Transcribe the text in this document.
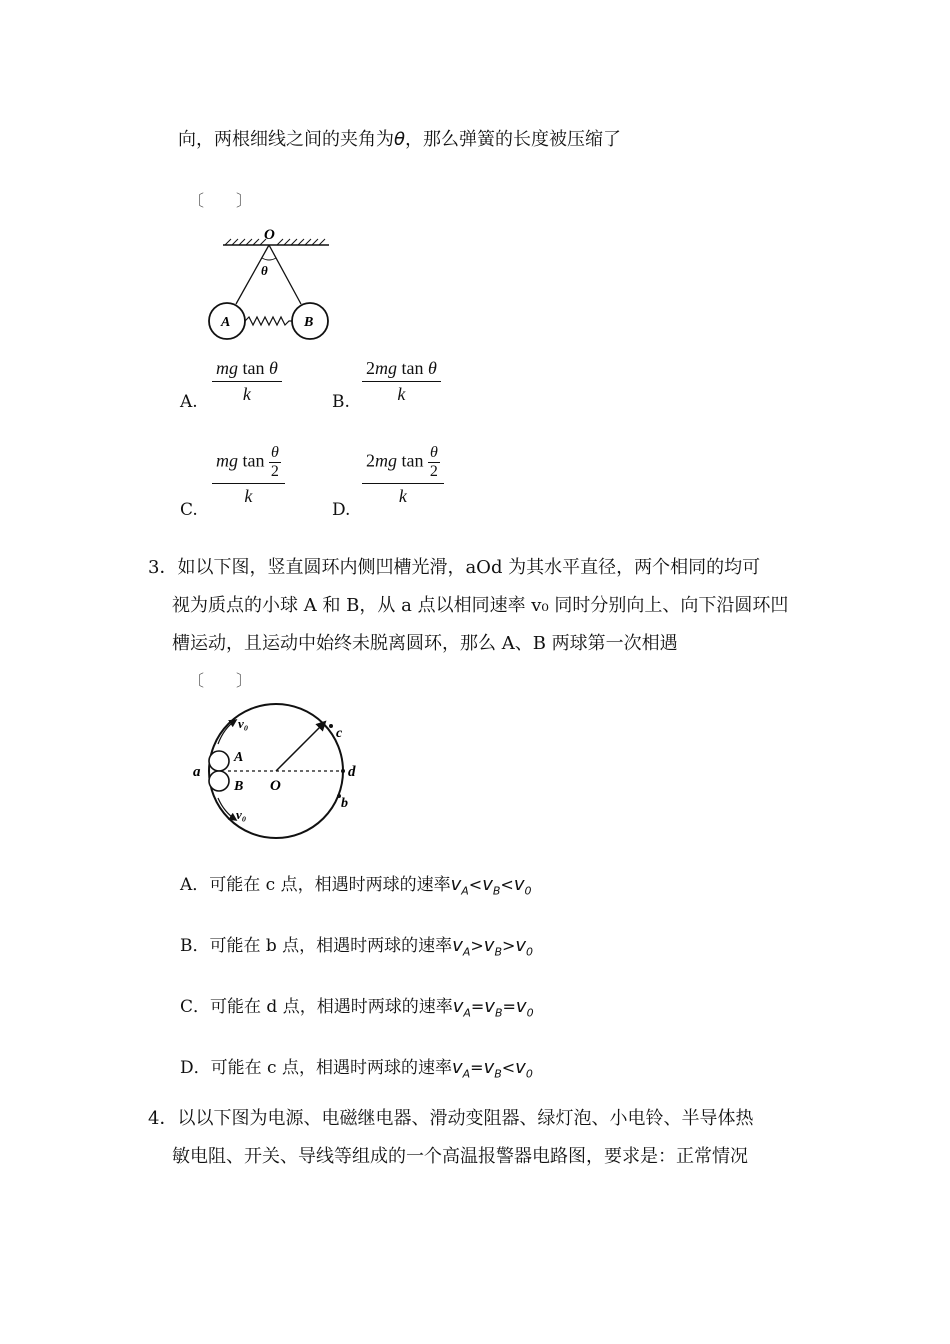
向，两根细线之间的夹角为θ，那么弹簧的长度被压缩了
〔　　〕
O
θ
A	B
A. $\frac{\text{mg tan θ}}{k}$	B. $\frac{\text{2mg tan θ}}{k}$
C.
$\frac{mg \tan \frac{\theta}{2}}{k}$
D.
$\frac{2mg \tan \frac{\theta}{2}}{k}$
3．如以下图，竖直圆环内侧凹槽光滑，aOd 为其水平直径，两个相同的均可
视为质点的小球 A 和 B，从 a 点以相同速率 v₀ 同时分别向上、向下沿圆环凹
槽运动，且运动中始终未脱离圆环，那么 A、B 两球第一次相遇
〔　　〕
v₀
A
a
B
v₀
O
c
d
b
A．可能在 c 点，相遇时两球的速率$v_A<v_B<v_0$
B．可能在 b 点，相遇时两球的速率$v_A>v_B>v_0$
C．可能在 d 点，相遇时两球的速率$v_A=v_B=v_0$
D．可能在 c 点，相遇时两球的速率$v_A=v_B<v_0$
4．以以下图为电源、电磁继电器、滑动变阻器、绿灯泡、小电铃、半导体热
敏电阻、开关、导线等组成的一个高温报警器电路图，要求是：正常情况
